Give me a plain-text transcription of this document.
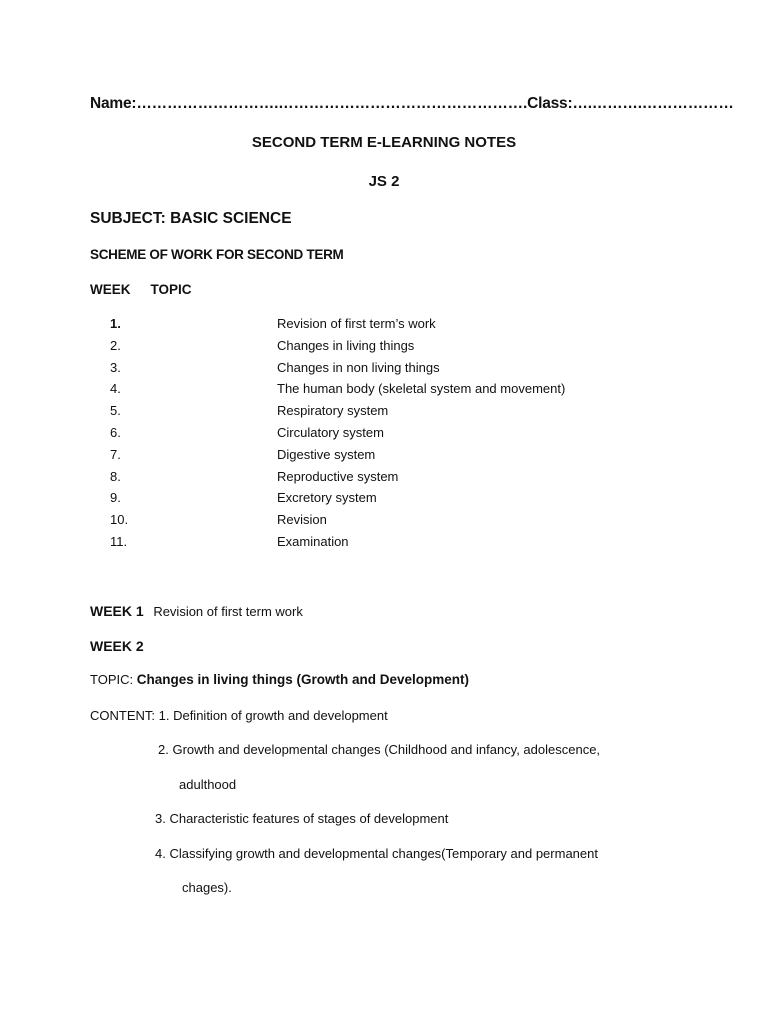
Name:……………………….………………………………………….Class:….……….………………
SECOND TERM E-LEARNING NOTES
JS 2
SUBJECT: BASIC SCIENCE
SCHEME OF WORK FOR SECOND TERM
WEEK TOPIC
1.	Revision of first term’s work
2.	Changes in living things
3.	Changes in non living things
4.	The human body (skeletal system and movement)
5.	Respiratory system
6.	Circulatory system
7.	Digestive system
8.	Reproductive system
9.	Excretory system
10.	Revision
11.	Examination
WEEK 1 Revision of first term work
WEEK 2
TOPIC: Changes in living things (Growth and Development)
CONTENT: 1. Definition of growth and development
2. Growth and developmental changes (Childhood and infancy, adolescence,
adulthood
3. Characteristic features of stages of development
4. Classifying growth and developmental changes(Temporary and permanent
chages).
